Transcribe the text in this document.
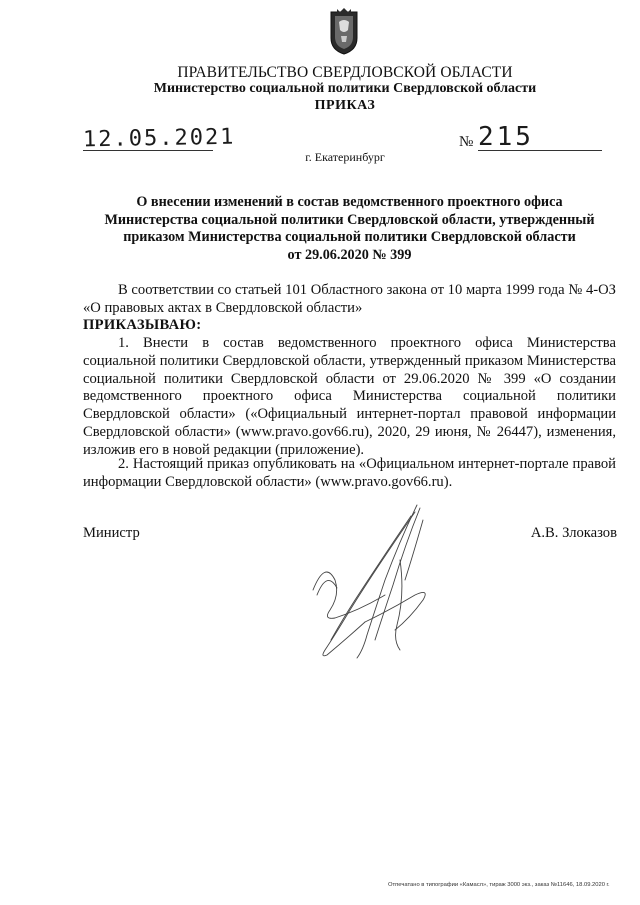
ПРАВИТЕЛЬСТВО СВЕРДЛОВСКОЙ ОБЛАСТИ
Министерство социальной политики Свердловской области
ПРИКАЗ
12.05.2021	№ 215
г. Екатеринбург
О внесении изменений в состав ведомственного проектного офиса
Министерства социальной политики Свердловской области, утвержденный
приказом Министерства социальной политики Свердловской области
от 29.06.2020 № 399

В соответствии со статьей 101 Областного закона от 10 марта 1999 года № 4-ОЗ «О правовых актах в Свердловской области»

ПРИКАЗЫВАЮ:

1. Внести в состав ведомственного проектного офиса Министерства социальной политики Свердловской области, утвержденный приказом Министерства социальной политики Свердловской области от 29.06.2020 № 399 «О создании ведомственного проектного офиса Министерства социальной политики Свердловской области» («Официальный интернет-портал правовой информации Свердловской области» (www.pravo.gov66.ru), 2020, 29 июня, № 26447), изменения, изложив его в новой редакции (приложение).

2. Настоящий приказ опубликовать на «Официальном интернет-портале правой информации Свердловской области» (www.pravo.gov66.ru).

Министр	А.В. Злоказов
Отпечатано в типографии «Камасл», тираж 3000 экз., заказ №11646, 18.09.2020 г.
